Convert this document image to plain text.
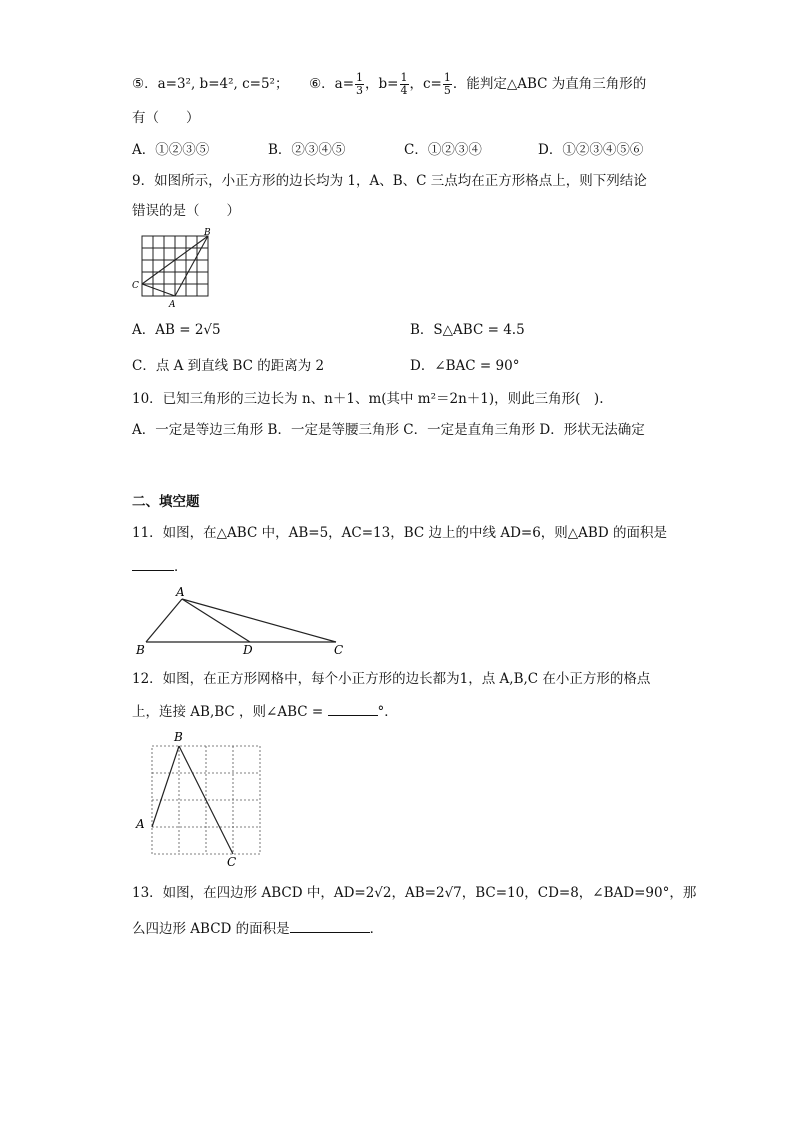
⑤．a=3², b=4², c=5²； ⑥．$a= \frac{1}{3}$ ，$b= \frac{1}{4}$ ，$c= \frac{1}{5}$ ．能判定△ABC 为直角三角形的
有（　　）
A．①②③⑤	B．②③④⑤	C．①②③④	D．①②③④⑤⑥
9．如图所示，小正方形的边长均为 1，A、B、C 三点均在正方形格点上，则下列结论
错误的是（　　）
B
C
A
A．AB = 2√5	B．S△ABC = 4.5
C．点 A 到直线 BC 的距离为 2	D．∠BAC = 90°
10．已知三角形的三边长为 n、n＋1、m(其中 m²＝2n＋1)，则此三角形(　).
A．一定是等边三角形 B．一定是等腰三角形 C．一定是直角三角形 D．形状无法确定
二、填空题
11．如图，在△ABC 中，AB=5，AC=13，BC 边上的中线 AD=6，则△ABD 的面积是
．
A
B	D	C
12．如图，在正方形网格中，每个小正方形的边长都为1，点 A,B,C 在小正方形的格点
上，连接 AB,BC ，则∠ABC =	°．
B
A
C
13．如图，在四边形 ABCD 中，AD=2√2，AB=2√7，BC=10，CD=8，∠BAD=90°，那
么四边形 ABCD 的面积是	．
